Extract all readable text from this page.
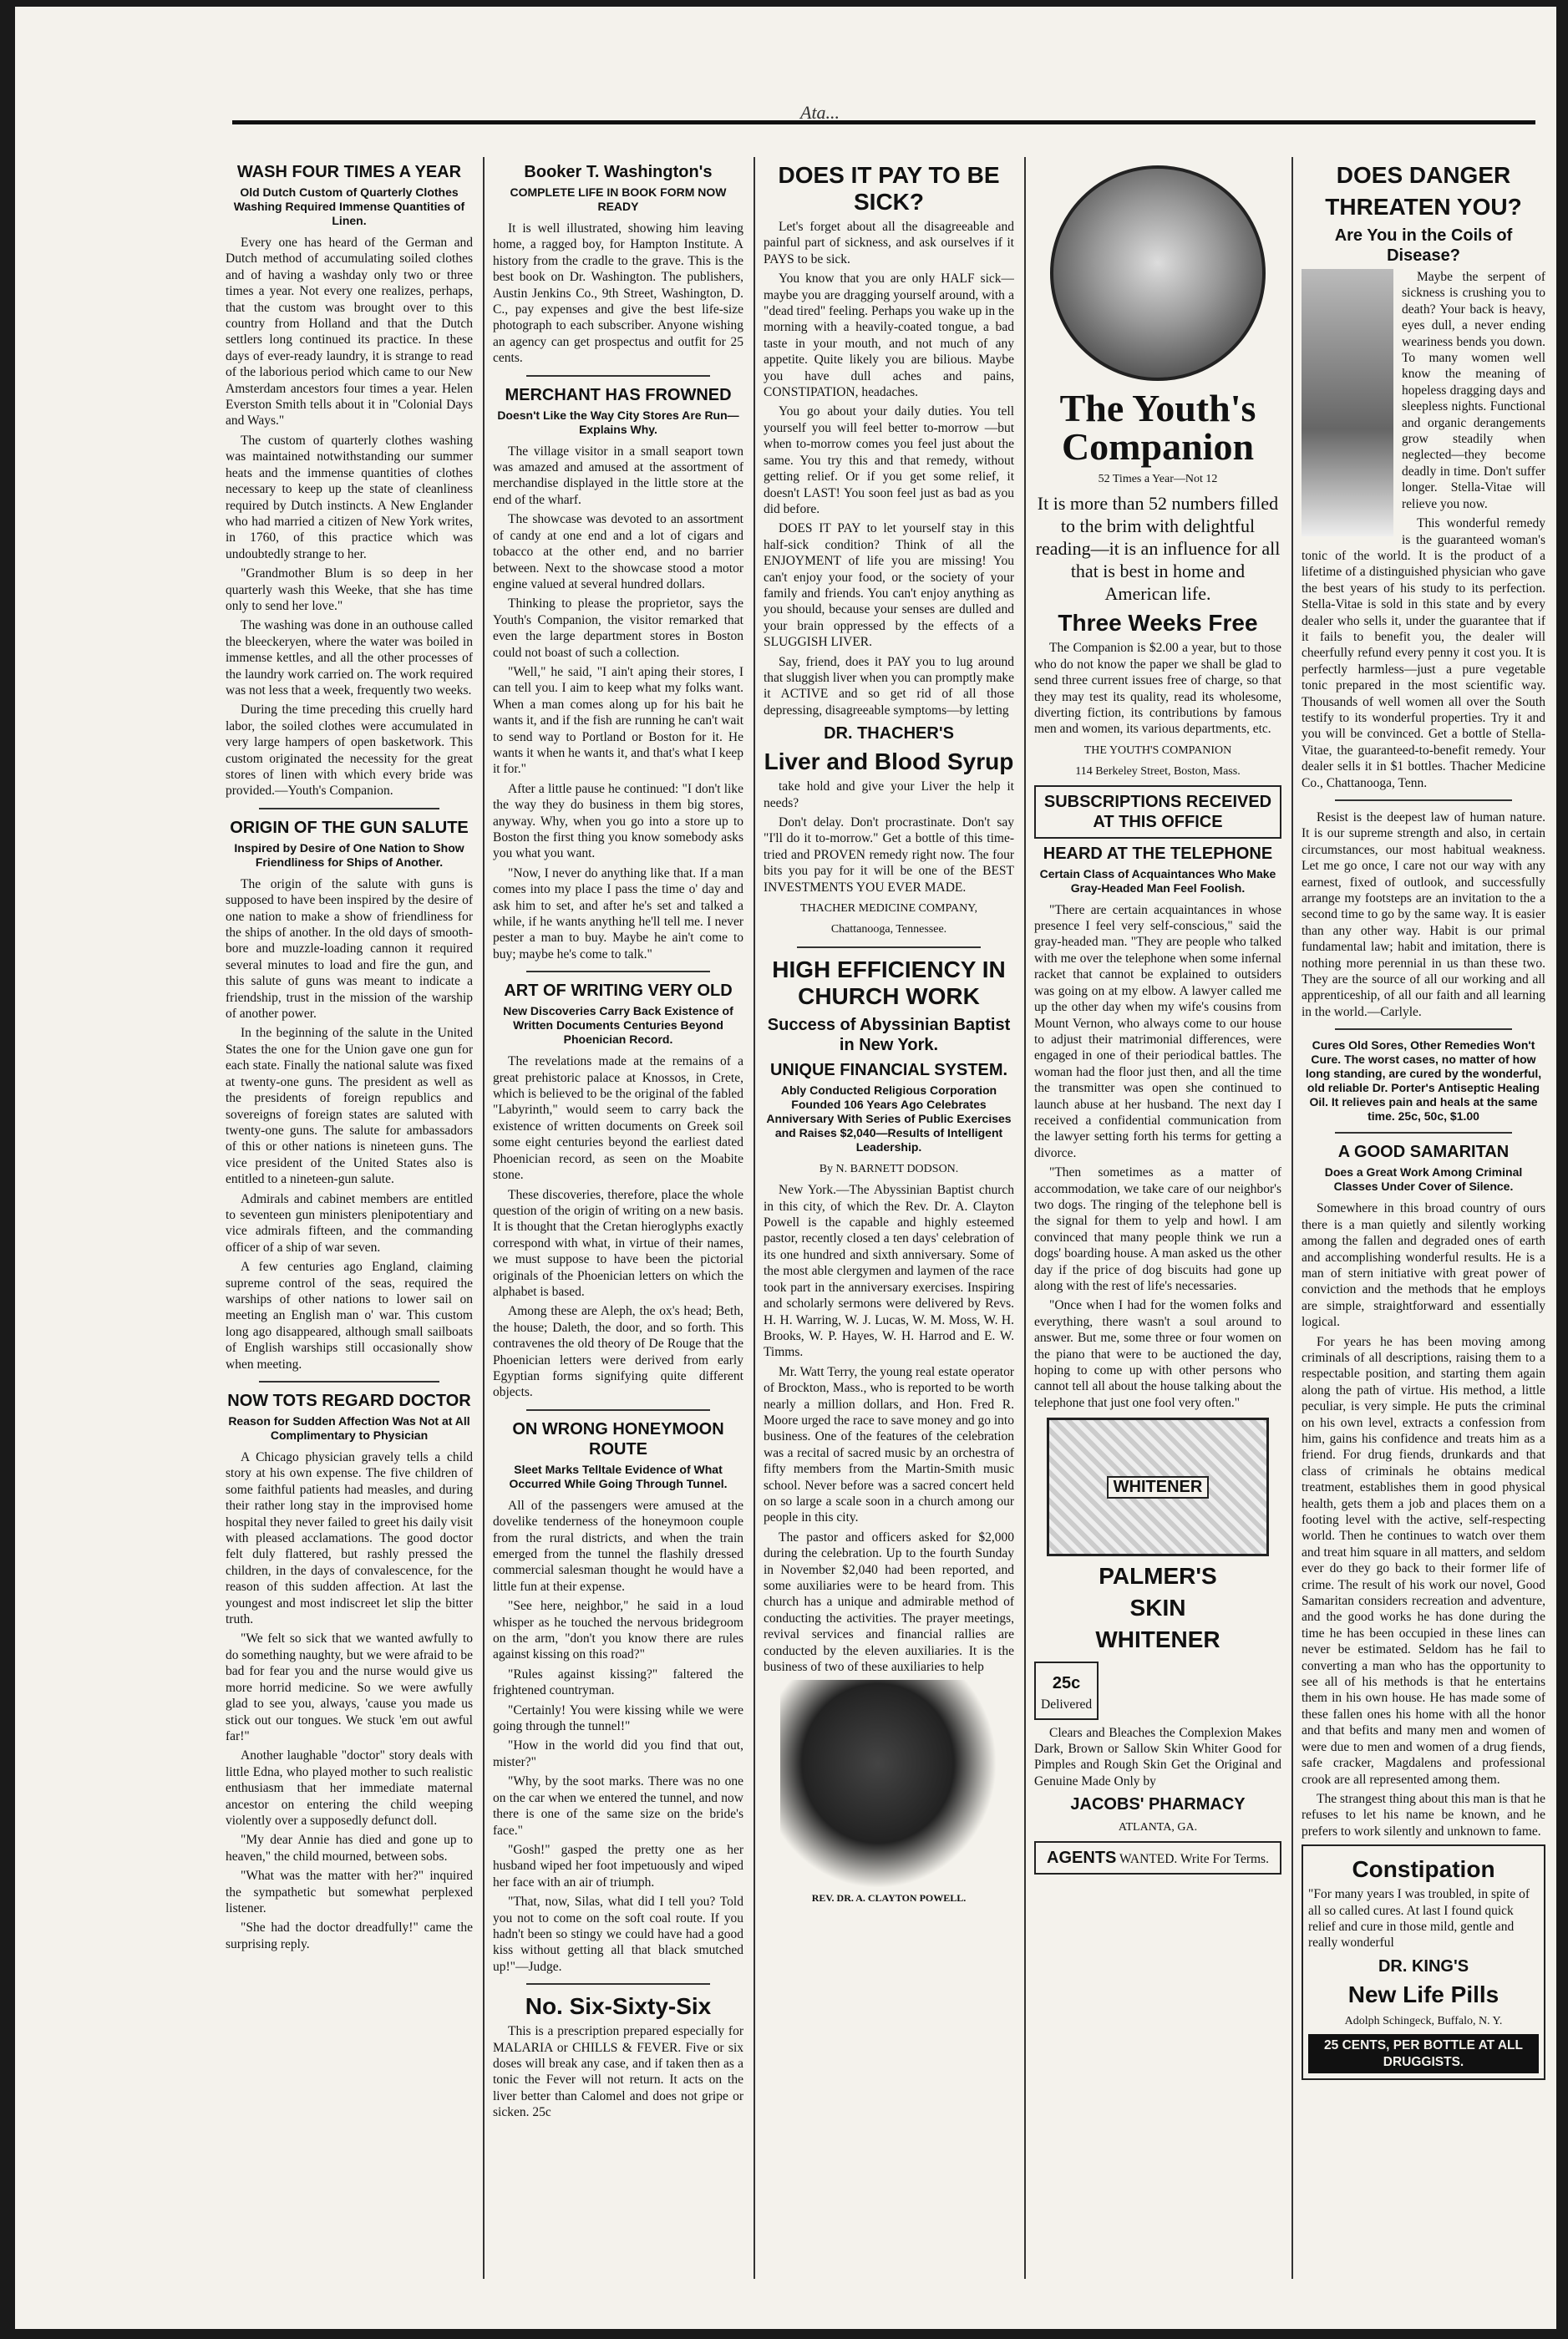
Ata...
WASH FOUR TIMES A YEAR
Old Dutch Custom of Quarterly Clothes Washing Required Immense Quantities of Linen.

Every one has heard of the German and Dutch method of accumulating soiled clothes and of having a washday only two or three times a year. Not every one realizes, perhaps, that the custom was brought over to this country from Holland and that the Dutch settlers long continued its practice. In these days of ever-ready laundry, it is strange to read of the laborious period which came to our New Amsterdam ancestors four times a year. Helen Everston Smith tells about it in "Colonial Days and Ways."

The custom of quarterly clothes washing was maintained notwithstanding our summer heats and the immense quantities of clothes necessary to keep up the state of cleanliness required by Dutch instincts. A New Englander who had married a citizen of New York writes, in 1760, of this practice which was undoubtedly strange to her.

"Grandmother Blum is so deep in her quarterly wash this Weeke, that she has time only to send her love."

The washing was done in an outhouse called the bleeckeryen, where the water was boiled in immense kettles, and all the other processes of the laundry work carried on. The work required was not less that a week, frequently two weeks.

During the time preceding this cruelly hard labor, the soiled clothes were accumulated in very large hampers of open basketwork. This custom originated the necessity for the great stores of linen with which every bride was provided.—Youth's Companion.

ORIGIN OF THE GUN SALUTE
Inspired by Desire of One Nation to Show Friendliness for Ships of Another.

The origin of the salute with guns is supposed to have been inspired by the desire of one nation to make a show of friendliness for the ships of another. In the old days of smooth-bore and muzzle-loading cannon it required several minutes to load and fire the gun, and this salute of guns was meant to indicate a friendship, trust in the mission of the warship of another power.

In the beginning of the salute in the United States the one for the Union gave one gun for each state. Finally the national salute was fixed at twenty-one guns. The president as well as the presidents of foreign republics and sovereigns of foreign states are saluted with twenty-one guns. The salute for ambassadors of this or other nations is nineteen guns. The vice president of the United States also is entitled to a nineteen-gun salute.

Admirals and cabinet members are entitled to seventeen gun ministers plenipotentiary and vice admirals fifteen, and the commanding officer of a ship of war seven.

A few centuries ago England, claiming supreme control of the seas, required the warships of other nations to lower sail on meeting an English man o' war. This custom long ago disappeared, although small sailboats of English warships still occasionally show when meeting.

NOW TOTS REGARD DOCTOR
Reason for Sudden Affection Was Not at All Complimentary to Physician

A Chicago physician gravely tells a child story at his own expense. The five children of some faithful patients had measles, and during their rather long stay in the improvised home hospital they never failed to greet his daily visit with pleased acclamations. The good doctor felt duly flattered, but rashly pressed the children, in the days of convalescence, for the reason of this sudden affection. At last the youngest and most indiscreet let slip the bitter truth.

"We felt so sick that we wanted awfully to do something naughty, but we were afraid to be bad for fear you and the nurse would give us more horrid medicine. So we were awfully glad to see you, always, 'cause you made us stick out our tongues. We stuck 'em out awful far!"

Another laughable "doctor" story deals with little Edna, who played mother to such realistic enthusiasm that her immediate maternal ancestor on entering the child weeping violently over a supposedly defunct doll.

"My dear Annie has died and gone up to heaven," the child mourned, between sobs.

"What was the matter with her?" inquired the sympathetic but somewhat perplexed listener.

"She had the doctor dreadfully!" came the surprising reply.

Booker T. Washington's
COMPLETE LIFE IN BOOK FORM NOW READY

It is well illustrated, showing him leaving home, a ragged boy, for Hampton Institute. A history from the cradle to the grave. This is the best book on Dr. Washington. The publishers, Austin Jenkins Co., 9th Street, Washington, D. C., pay expenses and give the best life-size photograph to each subscriber. Anyone wishing an agency can get prospectus and outfit for 25 cents.

MERCHANT HAS FROWNED
Doesn't Like the Way City Stores Are Run—Explains Why.

The village visitor in a small seaport town was amazed and amused at the assortment of merchandise displayed in the little store at the end of the wharf.

The showcase was devoted to an assortment of candy at one end and a lot of cigars and tobacco at the other end, and no barrier between. Next to the showcase stood a motor engine valued at several hundred dollars.

Thinking to please the proprietor, says the Youth's Companion, the visitor remarked that even the large department stores in Boston could not boast of such a collection.

"Well," he said, "I ain't aping their stores, I can tell you. I aim to keep what my folks want. When a man comes along up for his bait he wants it, and if the fish are running he can't wait to send way to Portland or Boston for it. He wants it when he wants it, and that's what I keep it for."

After a little pause he continued: "I don't like the way they do business in them big stores, anyway. Why, when you go into a store up to Boston the first thing you know somebody asks you what you want.

"Now, I never do anything like that. If a man comes into my place I pass the time o' day and ask him to set, and after he's set and talked a while, if he wants anything he'll tell me. I never pester a man to buy. Maybe he ain't come to buy; maybe he's come to talk."

ART OF WRITING VERY OLD
New Discoveries Carry Back Existence of Written Documents Centuries Beyond Phoenician Record.

The revelations made at the remains of a great prehistoric palace at Knossos, in Crete, which is believed to be the original of the fabled "Labyrinth," would seem to carry back the existence of written documents on Greek soil some eight centuries beyond the earliest dated Phoenician record, as seen on the Moabite stone.

These discoveries, therefore, place the whole question of the origin of writing on a new basis. It is thought that the Cretan hieroglyphs exactly correspond with what, in virtue of their names, we must suppose to have been the pictorial originals of the Phoenician letters on which the alphabet is based.

Among these are Aleph, the ox's head; Beth, the house; Daleth, the door, and so forth. This contravenes the old theory of De Rouge that the Phoenician letters were derived from early Egyptian forms signifying quite different objects.

ON WRONG HONEYMOON ROUTE
Sleet Marks Telltale Evidence of What Occurred While Going Through Tunnel.

All of the passengers were amused at the dovelike tenderness of the honeymoon couple from the rural districts, and when the train emerged from the tunnel the flashily dressed commercial salesman thought he would have a little fun at their expense.

"See here, neighbor," he said in a loud whisper as he touched the nervous bridegroom on the arm, "don't you know there are rules against kissing on this road?"

"Rules against kissing?" faltered the frightened countryman.

"Certainly! You were kissing while we were going through the tunnel!"

"How in the world did you find that out, mister?"

"Why, by the soot marks. There was no one on the car when we entered the tunnel, and now there is one of the same size on the bride's face."

"Gosh!" gasped the pretty one as her husband wiped her foot impetuously and wiped her face with an air of triumph.

"That, now, Silas, what did I tell you? Told you not to come on the soft coal route. If you hadn't been so stingy we could have had a good kiss without getting all that black smutched up!"—Judge.

No. Six-Sixty-Six

This is a prescription prepared especially for MALARIA or CHILLS & FEVER. Five or six doses will break any case, and if taken then as a tonic the Fever will not return. It acts on the liver better than Calomel and does not gripe or sicken. 25c

DOES IT PAY TO BE SICK?

Let's forget about all the disagreeable and painful part of sickness, and ask ourselves if it PAYS to be sick.

You know that you are only HALF sick—maybe you are dragging yourself around, with a "dead tired" feeling. Perhaps you wake up in the morning with a heavily-coated tongue, a bad taste in your mouth, and not much of any appetite. Quite likely you are bilious. Maybe you have dull aches and pains, CONSTIPATION, headaches.

You go about your daily duties. You tell yourself you will feel better to-morrow —but when to-morrow comes you feel just about the same. You try this and that remedy, without getting relief. Or if you get some relief, it doesn't LAST! You soon feel just as bad as you did before.

DOES IT PAY to let yourself stay in this half-sick condition? Think of all the ENJOYMENT of life you are missing! You can't enjoy your food, or the society of your family and friends. You can't enjoy anything as you should, because your senses are dulled and your brain oppressed by the effects of a SLUGGISH LIVER.

Say, friend, does it PAY you to lug around that sluggish liver when you can promptly make it ACTIVE and so get rid of all those depressing, disagreeable symptoms—by letting

DR. THACHER'S
Liver and Blood Syrup

take hold and give your Liver the help it needs?

Don't delay. Don't procrastinate. Don't say "I'll do it to-morrow." Get a bottle of this time-tried and PROVEN remedy right now. The four bits you pay for it will be one of the BEST INVESTMENTS YOU EVER MADE.

THACHER MEDICINE COMPANY,
Chattanooga, Tennessee.
HIGH EFFICIENCY IN CHURCH WORK
Success of Abyssinian Baptist in New York.
UNIQUE FINANCIAL SYSTEM.
Ably Conducted Religious Corporation Founded 106 Years Ago Celebrates Anniversary With Series of Public Exercises and Raises $2,040—Results of Intelligent Leadership.
By N. BARNETT DODSON.

New York.—The Abyssinian Baptist church in this city, of which the Rev. Dr. A. Clayton Powell is the capable and highly esteemed pastor, recently closed a ten days' celebration of its one hundred and sixth anniversary. Some of the most able clergymen and laymen of the race took part in the anniversary exercises. Inspiring and scholarly sermons were delivered by Revs. H. H. Warring, W. J. Lucas, W. M. Moss, W. H. Brooks, W. P. Hayes, W. H. Harrod and E. W. Timms.

Mr. Watt Terry, the young real estate operator of Brockton, Mass., who is reported to be worth nearly a million dollars, and Hon. Fred R. Moore urged the race to save money and go into business. One of the features of the celebration was a recital of sacred music by an orchestra of fifty members from the Martin-Smith music school. Never before was a sacred concert held on so large a scale soon in a church among our people in this city.

The pastor and officers asked for $2,000 during the celebration. Up to the fourth Sunday in November $2,040 had been reported, and some auxiliaries were to be heard from. This church has a unique and admirable method of conducting the activities. The prayer meetings, revival services and financial rallies are conducted by the eleven auxiliaries. It is the business of two of these auxiliaries to help

REV. DR. A. CLAYTON POWELL.
The Youth's
Companion
52 Times a Year—Not 12
It is more than 52 numbers filled to the brim with delightful reading—it is an influence for all that is best in home and American life.
Three Weeks Free

The Companion is $2.00 a year, but to those who do not know the paper we shall be glad to send three current issues free of charge, so that they may test its quality, read its wholesome, diverting fiction, its contributions by famous men and women, its various departments, etc.

THE YOUTH'S COMPANION
114 Berkeley Street, Boston, Mass.
SUBSCRIPTIONS RECEIVED AT THIS OFFICE
HEARD AT THE TELEPHONE
Certain Class of Acquaintances Who Make Gray-Headed Man Feel Foolish.

"There are certain acquaintances in whose presence I feel very self-conscious," said the gray-headed man. "They are people who talked with me over the telephone when some infernal racket that cannot be explained to outsiders was going on at my elbow. A lawyer called me up the other day when my wife's cousins from Mount Vernon, who always come to our house to adjust their matrimonial differences, were engaged in one of their periodical battles. The woman had the floor just then, and all the time the transmitter was open she continued to launch abuse at her husband. The next day I received a confidential communication from the lawyer setting forth his terms for getting a divorce.

"Then sometimes as a matter of accommodation, we take care of our neighbor's two dogs. The ringing of the telephone bell is the signal for them to yelp and howl. I am convinced that many people think we run a dogs' boarding house. A man asked us the other day if the price of dog biscuits had gone up along with the rest of life's necessaries.

"Once when I had for the women folks and everything, there wasn't a soul around to answer. But me, some three or four women on the piano that were to be auctioned the day, hoping to come up with other persons who cannot tell all about the house talking about the telephone that just one fool very often."

WHITENER
PALMER'S
SKIN
WHITENER
25c
Delivered

Clears and Bleaches the Complexion Makes Dark, Brown or Sallow Skin Whiter Good for Pimples and Rough Skin Get the Original and Genuine Made Only by

JACOBS' PHARMACY
ATLANTA, GA.
AGENTS WANTED. Write For Terms.
DOES DANGER
THREATEN YOU?
Are You in the Coils of Disease?

Maybe the serpent of sickness is crushing you to death? Your back is heavy, eyes dull, a never ending weariness bends you down. To many women well know the meaning of hopeless dragging days and sleepless nights. Functional and organic derangements grow steadily when neglected—they become deadly in time. Don't suffer longer. Stella-Vitae will relieve you now.

This wonderful remedy is the guaranteed woman's tonic of the world. It is the product of a lifetime of a distinguished physician who gave the best years of his study to its perfection. Stella-Vitae is sold in this state and by every dealer who sells it, under the guarantee that if it fails to benefit you, the dealer will cheerfully refund every penny it cost you. It is perfectly harmless—just a pure vegetable tonic prepared in the most scientific way. Thousands of well women all over the South testify to its wonderful properties. Try it and you will be convinced. Get a bottle of Stella-Vitae, the guaranteed-to-benefit remedy. Your dealer sells it in $1 bottles. Thacher Medicine Co., Chattanooga, Tenn.

Resist is the deepest law of human nature. It is our supreme strength and also, in certain circumstances, our most habitual weakness. Let me go once, I care not our way with any earnest, fixed of outlook, and successfully arrange my footsteps are an invitation to the a second time to go by the same way. It is easier than any other way. Habit is our primal fundamental law; habit and imitation, there is nothing more perennial in us than these two. They are the source of all our working and all apprenticeship, of all our faith and all learning in the world.—Carlyle.

Cures Old Sores, Other Remedies Won't Cure. The worst cases, no matter of how long standing, are cured by the wonderful, old reliable Dr. Porter's Antiseptic Healing Oil. It relieves pain and heals at the same time. 25c, 50c, $1.00
A GOOD SAMARITAN
Does a Great Work Among Criminal Classes Under Cover of Silence.

Somewhere in this broad country of ours there is a man quietly and silently working among the fallen and degraded ones of earth and accomplishing wonderful results. He is a man of stern initiative with great power of conviction and the methods that he employs are simple, straightforward and essentially logical.

For years he has been moving among criminals of all descriptions, raising them to a respectable position, and starting them again along the path of virtue. His method, a little peculiar, is very simple. He puts the criminal on his own level, extracts a confession from him, gains his confidence and treats him as a friend. For drug fiends, drunkards and that class of criminals he obtains medical treatment, establishes them in good physical health, gets them a job and places them on a footing level with the active, self-respecting world. Then he continues to watch over them and treat him square in all matters, and seldom ever do they go back to their former life of crime. The result of his work our novel, Good Samaritan considers recreation and adventure, and the good works he has done during the time he has been occupied in these lines can never be estimated. Seldom has he fail to converting a man who has the opportunity to see all of his methods is that he entertains them in his own house. He has made some of these fallen ones his home with all the honor and that befits and many men and women of were due to men and women of a drug fiends, safe cracker, Magdalens and professional crook are all represented among them.

The strangest thing about this man is that he refuses to let his name be known, and he prefers to work silently and unknown to fame.

Constipation

"For many years I was troubled, in spite of all so called cures. At last I found quick relief and cure in those mild, gentle and really wonderful

DR. KING'S
New Life Pills
Adolph Schingeck, Buffalo, N. Y.
25 CENTS, PER BOTTLE AT ALL DRUGGISTS.
